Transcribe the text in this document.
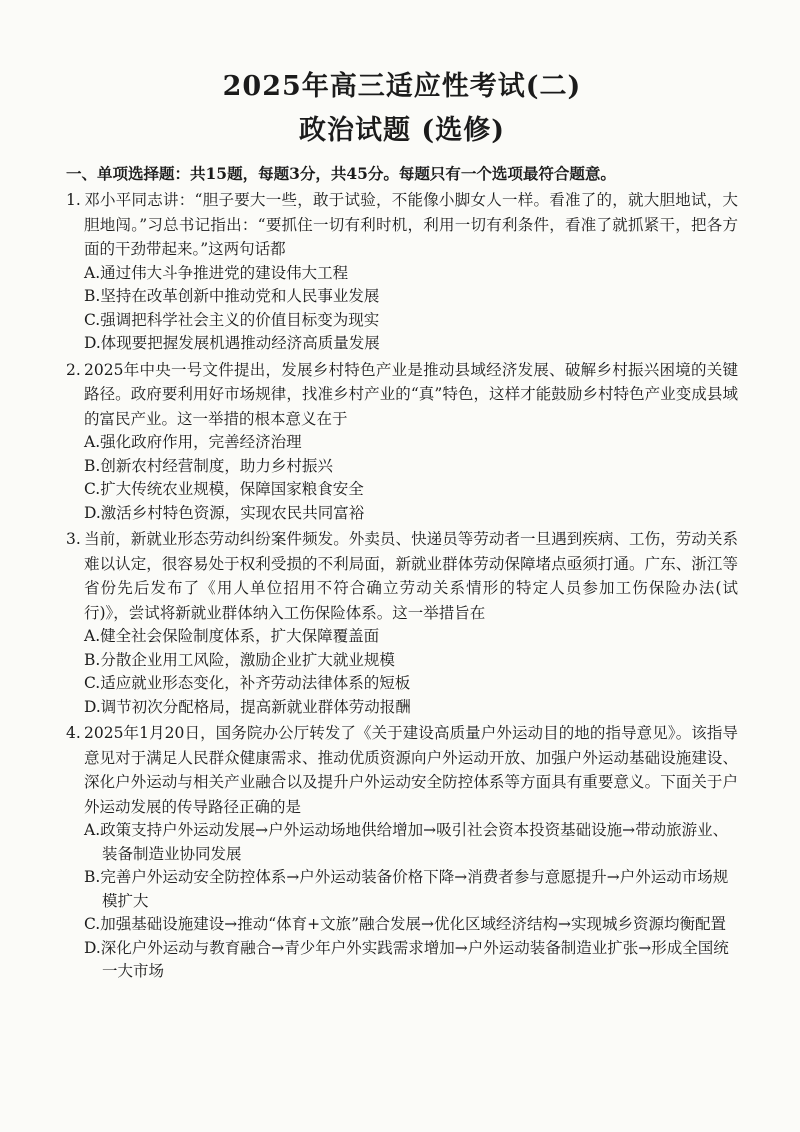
2025年高三适应性考试(二)
政治试题 (选修)
一、单项选择题：共15题，每题3分，共45分。每题只有一个选项最符合题意。
1. 邓小平同志讲：“胆子要大一些，敢于试验，不能像小脚女人一样。看准了的，就大胆地试，大胆地闯。”习总书记指出：“要抓住一切有利时机，利用一切有利条件，看准了就抓紧干，把各方面的干劲带起来。”这两句话都
A.通过伟大斗争推进党的建设伟大工程
B.坚持在改革创新中推动党和人民事业发展
C.强调把科学社会主义的价值目标变为现实
D.体现要把握发展机遇推动经济高质量发展
2. 2025年中央一号文件提出，发展乡村特色产业是推动县域经济发展、破解乡村振兴困境的关键路径。政府要利用好市场规律，找准乡村产业的“真”特色，这样才能鼓励乡村特色产业变成县域的富民产业。这一举措的根本意义在于
A.强化政府作用，完善经济治理
B.创新农村经营制度，助力乡村振兴
C.扩大传统农业规模，保障国家粮食安全
D.激活乡村特色资源，实现农民共同富裕
3. 当前，新就业形态劳动纠纷案件频发。外卖员、快递员等劳动者一旦遇到疾病、工伤，劳动关系难以认定，很容易处于权利受损的不利局面，新就业群体劳动保障堵点亟须打通。广东、浙江等省份先后发布了《用人单位招用不符合确立劳动关系情形的特定人员参加工伤保险办法(试行)》，尝试将新就业群体纳入工伤保险体系。这一举措旨在
A.健全社会保险制度体系，扩大保障覆盖面
B.分散企业用工风险，激励企业扩大就业规模
C.适应就业形态变化，补齐劳动法律体系的短板
D.调节初次分配格局，提高新就业群体劳动报酬
4. 2025年1月20日，国务院办公厅转发了《关于建设高质量户外运动目的地的指导意见》。该指导意见对于满足人民群众健康需求、推动优质资源向户外运动开放、加强户外运动基础设施建设、深化户外运动与相关产业融合以及提升户外运动安全防控体系等方面具有重要意义。下面关于户外运动发展的传导路径正确的是
A.政策支持户外运动发展→户外运动场地供给增加→吸引社会资本投资基础设施→带动旅游业、装备制造业协同发展
B.完善户外运动安全防控体系→户外运动装备价格下降→消费者参与意愿提升→户外运动市场规模扩大
C.加强基础设施建设→推动“体育+文旅”融合发展→优化区域经济结构→实现城乡资源均衡配置
D.深化户外运动与教育融合→青少年户外实践需求增加→户外运动装备制造业扩张→形成全国统一大市场
